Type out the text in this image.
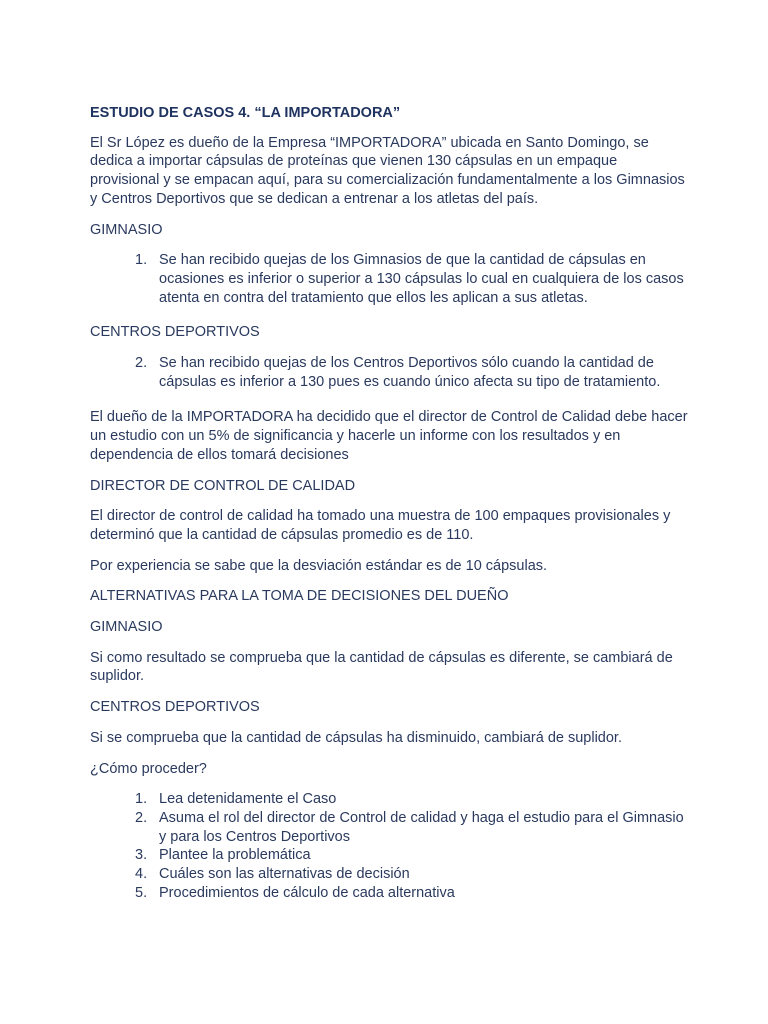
ESTUDIO DE CASOS 4. “LA IMPORTADORA”
El Sr López es dueño de la Empresa “IMPORTADORA” ubicada en Santo Domingo, se dedica a importar cápsulas de proteínas que vienen 130 cápsulas en un empaque provisional y se empacan aquí, para su comercialización fundamentalmente a los Gimnasios y Centros Deportivos que se dedican a entrenar a los atletas del país.
GIMNASIO
1. Se han recibido quejas de los Gimnasios de que la cantidad de cápsulas en ocasiones es inferior o superior a 130 cápsulas lo cual en cualquiera de los casos atenta en contra del tratamiento que ellos les aplican a sus atletas.
CENTROS DEPORTIVOS
2. Se han recibido quejas de los Centros Deportivos sólo cuando la cantidad de cápsulas es inferior a 130 pues es cuando único afecta su tipo de tratamiento.
El dueño de la IMPORTADORA ha decidido que el director de Control de Calidad debe hacer un estudio con un 5% de significancia y hacerle un informe con los resultados y en dependencia de ellos tomará decisiones
DIRECTOR DE CONTROL DE CALIDAD
El director de control de calidad ha tomado una muestra de 100 empaques provisionales y determinó que la cantidad de cápsulas promedio es de 110.
Por experiencia se sabe que la desviación estándar es de 10 cápsulas.
ALTERNATIVAS PARA LA TOMA DE DECISIONES DEL DUEÑO
GIMNASIO
Si como resultado se comprueba que la cantidad de cápsulas es diferente, se cambiará de suplidor.
CENTROS DEPORTIVOS
Si se comprueba que la cantidad de cápsulas ha disminuido, cambiará de suplidor.
¿Cómo proceder?
1. Lea detenidamente el Caso
2. Asuma el rol del director de Control de calidad y haga el estudio para el Gimnasio y para los Centros Deportivos
3. Plantee la problemática
4. Cuáles son las alternativas de decisión
5. Procedimientos de cálculo de cada alternativa
